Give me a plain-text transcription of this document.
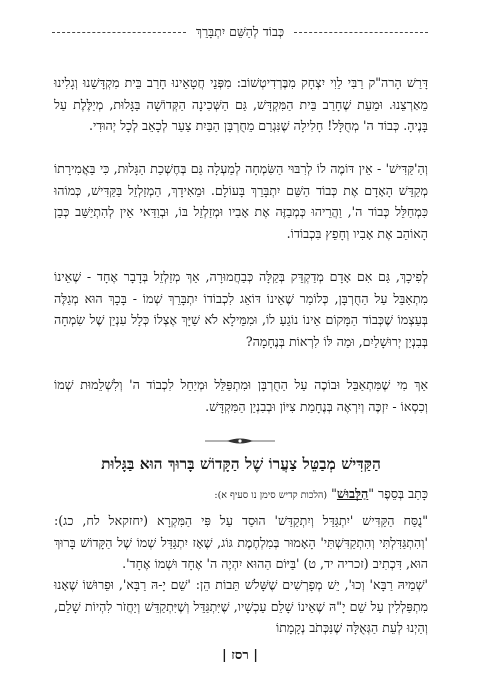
כְּבוֹד לְהַשֵּׁם יִתְבָּרֵךְ

דָּרַשׁ הָרה"ק רַבִּי לֵוִי יִצְחָק מִבֶּרְדִיטְשׁוֹב: מִפְּנֵי חֲטָאֵינוּ חָרַב בֵּית מִקְדָּשֵׁנוּ וְגָלִינוּ מֵאַרְצֵנוּ. וּמֵעֵת שֶׁחָרַב בֵּית הַמִּקְדָּשׁ, גַּם הַשְּׁכִינָה הַקְּדוֹשָׁה בַּגָּלוּת, מְיַלֶּלֶת עַל בָּנֶיהָ. כְּבוֹד ה' מְחֻלָּל! חָלִילָה שֶׁנִּגְרַם מֵחֻרְבָּן הַבַּיִת צַעַר לְכָאֵב לְכָל יְהוּדִי.

וְהַ'קַּדִּישׁ' - אֵין דּוֹמֶה לוֹ לְרִבּוּי הַשִּׂמְחָה לְמַעְלָה גַּם בְּחֶשְׁכַת הַגָּלוּת, כִּי בַּאֲמִירָתוֹ מְקַדֵּשׁ הָאָדָם אֶת כְּבוֹד הַשֵּׁם יִתְבָּרֵךְ בָּעוֹלָם. וּמֵאִידָךְ, הַמְזַלְזֵל בַּקַּדִּישׁ, כְּמוֹהוּ כִּמְחַלֵּל כְּבוֹד ה', וַהֲרֵיהוּ כְּמְבַזֶּה אֶת אָבִיו וּמְזַלְזֵל בּוֹ, וּבְוַדַּאי אֵין לְהִתְיַשֵּׁב כְּבֵן הָאוֹהֵב אֶת אָבִיו וְחָפֵץ בִּכְבוֹדוֹ.

לְפִיכָךְ, גַּם אִם אָדָם מְדַקְדֵּק בְּקַלָּה כְּבַחֲמוּרָה, אַךְ מְזַלְזֵל בְּדָבָר אֶחָד - שֶׁאֵינוֹ מִתְאַבֵּל עַל הַחֻרְבָּן, כְּלוֹמַר שֶׁאֵינוֹ דּוֹאֵג לִכְבוֹדוֹ יִתְבָּרֵךְ שְׁמוֹ - בָּכָךְ הוּא מְגַלֶּה בְּעַצְמוֹ שֶׁכְּבוֹד הַמָּקוֹם אֵינוֹ נוֹגֵעַ לוֹ, וּמִמֵּילָא לֹא שַׁיָּךְ אֶצְלוֹ כְּלָל עִנְיַן שֶׁל שִׂמְחָה בְּבִנְיַן יְרוּשָׁלַיִם, וּמַה לּוֹ לִרְאוֹת בְּנֶחָמָה?

אַךְ מִי שֶׁמִּתְאַבֵּל וּבוֹכֶה עַל הַחֻרְבָּן וּמִתְפַּלֵּל וּמְיַחֵל לִכְבוֹד ה' וְלִשְׁלֵמוּת שְׁמוֹ וְכִסְאוֹ - יִזְכֶּה וְיִרְאֶה בְּנֶחָמַת צִיּוֹן וּבְבִנְיַן הַמִּקְדָּשׁ.

הַקַּדִּישׁ מְבַטֵּל צַעֲרוֹ שֶׁל הַקָּדוֹשׁ בָּרוּךְ הוּא בַּגָּלוּת

כָּתַב בְּסֵפֶר "הַלְּבוּשׁ" (הלכות קדיש סימן נו סעיף א):

"נֻסַּח הַקַּדִּישׁ 'יִתְגַּדַּל וְיִתְקַדַּשׁ' הוּסַד עַל פִּי הַמִּקְרָא (יחזקאל לח, כג): 'וְהִתְגַּדִּלְתִּי וְהִתְקַדִּשְׁתִּי' הָאָמוּר בְּמִלְחֶמֶת גּוֹג, שֶׁאָז יִתְגַּדַּל שְׁמוֹ שֶׁל הַקָּדוֹשׁ בָּרוּךְ הוּא, דִּכְתִיב (זכריה יד, ט) 'בַּיּוֹם הַהוּא יִהְיֶה ה' אֶחָד וּשְׁמוֹ אֶחָד'.

'שְׁמֵיהּ רַבָּא' וְכוּ', יֵשׁ מְפָרְשִׁים שֶׁשָּׁלֹשׁ תֵּבוֹת הֵן: 'שֵׁם יָ-הּ רַבָּא', וּפֵרוּשׁוֹ שֶׁאָנוּ מִתְפַּלְלִין עַל שֵׁם יָ"הּ שֶׁאֵינוֹ שָׁלֵם עַכְשָׁיו, שֶׁיִּתְגַּדֵּל וְשֶׁיִּתְקַדֵּשׁ וְיַחֲזֹר לִהְיוֹת שָׁלֵם, וְהַיְנוּ לְעֵת הַגְּאֻלָּה שֶׁנִּכְּתֹב נְקָמָתוֹ

| רסז |
